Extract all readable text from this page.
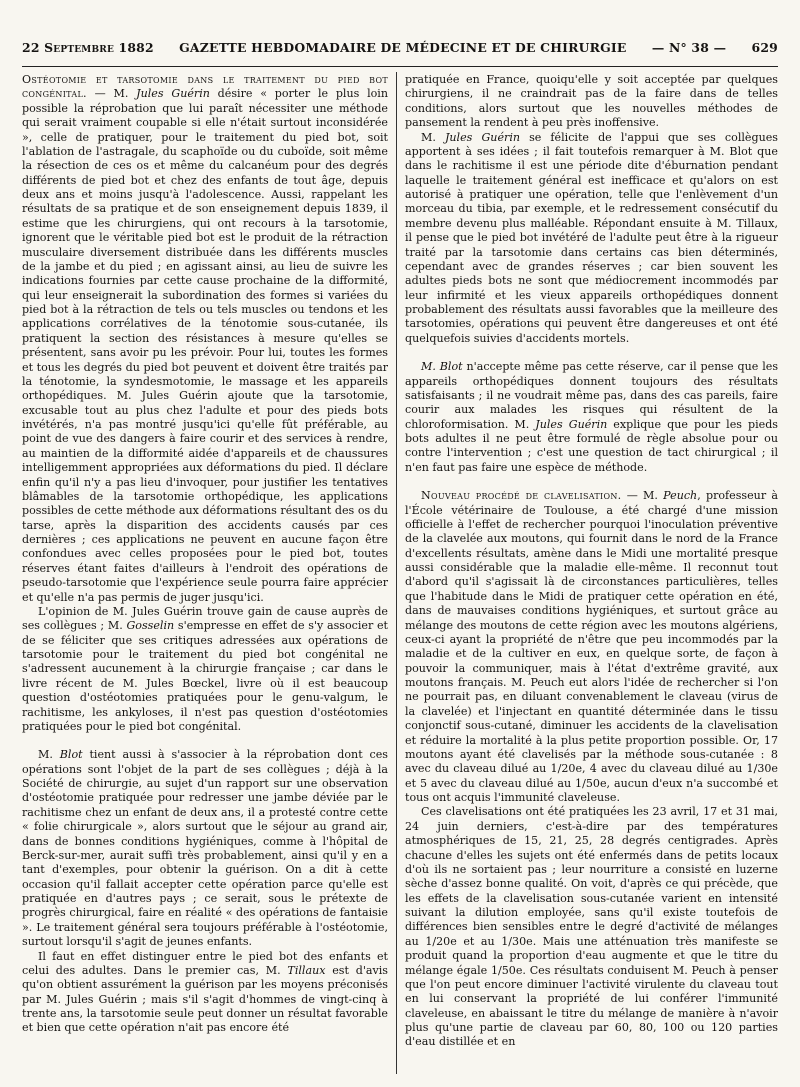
22 Septembre 1882 GAZETTE HEBDOMADAIRE DE MÉDECINE ET DE CHIRURGIE — N° 38 — 629

Ostéotomie et tarsotomie dans le traitement du pied bot congénital. — M. Jules Guérin désire « porter le plus loin possible la réprobation que lui paraît nécessiter une méthode qui serait vraiment coupable si elle n'était surtout inconsidérée », celle de pratiquer, pour le traitement du pied bot, soit l'ablation de l'astragale, du scaphoïde ou du cuboïde, soit même la résection de ces os et même du calcanéum pour des degrés différents de pied bot et chez des enfants de tout âge, depuis deux ans et moins jusqu'à l'adolescence. Aussi, rappelant les résultats de sa pratique et de son enseignement depuis 1839, il estime que les chirurgiens, qui ont recours à la tarsotomie, ignorent que le véritable pied bot est le produit de la rétraction musculaire diversement distribuée dans les différents muscles de la jambe et du pied ; en agissant ainsi, au lieu de suivre les indications fournies par cette cause prochaine de la difformité, qui leur enseignerait la subordination des formes si variées du pied bot à la rétraction de tels ou tels muscles ou tendons et les applications corrélatives de la ténotomie sous-cutanée, ils pratiquent la section des résistances à mesure qu'elles se présentent, sans avoir pu les prévoir. Pour lui, toutes les formes et tous les degrés du pied bot peuvent et doivent être traités par la ténotomie, la syndesmotomie, le massage et les appareils orthopédiques. M. Jules Guérin ajoute que la tarsotomie, excusable tout au plus chez l'adulte et pour des pieds bots invétérés, n'a pas montré jusqu'ici qu'elle fût préférable, au point de vue des dangers à faire courir et des services à rendre, au maintien de la difformité aidée d'appareils et de chaussures intelligemment appropriées aux déformations du pied. Il déclare enfin qu'il n'y a pas lieu d'invoquer, pour justifier les tentatives blâmables de la tarsotomie orthopédique, les applications possibles de cette méthode aux déformations résultant des os du tarse, après la disparition des accidents causés par ces dernières ; ces applications ne peuvent en aucune façon être confondues avec celles proposées pour le pied bot, toutes réserves étant faites d'ailleurs à l'endroit des opérations de pseudo-tarsotomie que l'expérience seule pourra faire apprécier et qu'elle n'a pas permis de juger jusqu'ici.

L'opinion de M. Jules Guérin trouve gain de cause auprès de ses collègues ; M. Gosselin s'empresse en effet de s'y associer et de se féliciter que ses critiques adressées aux opérations de tarsotomie pour le traitement du pied bot congénital ne s'adressent aucunement à la chirurgie française ; car dans le livre récent de M. Jules Bœckel, livre où il est beaucoup question d'ostéotomies pratiquées pour le genu-valgum, le rachitisme, les ankyloses, il n'est pas question d'ostéotomies pratiquées pour le pied bot congénital.

M. Blot tient aussi à s'associer à la réprobation dont ces opérations sont l'objet de la part de ses collègues ; déjà à la Société de chirurgie, au sujet d'un rapport sur une observation d'ostéotomie pratiquée pour redresser une jambe déviée par le rachitisme chez un enfant de deux ans, il a protesté contre cette « folie chirurgicale », alors surtout que le séjour au grand air, dans de bonnes conditions hygiéniques, comme à l'hôpital de Berck-sur-mer, aurait suffi très probablement, ainsi qu'il y en a tant d'exemples, pour obtenir la guérison. On a dit à cette occasion qu'il fallait accepter cette opération parce qu'elle est pratiquée en d'autres pays ; ce serait, sous le prétexte de progrès chirurgical, faire en réalité « des opérations de fantaisie ». Le traitement général sera toujours préférable à l'ostéotomie, surtout lorsqu'il s'agit de jeunes enfants.

Il faut en effet distinguer entre le pied bot des enfants et celui des adultes. Dans le premier cas, M. Tillaux est d'avis qu'on obtient assurément la guérison par les moyens préconisés par M. Jules Guérin ; mais s'il s'agit d'hommes de vingt-cinq à trente ans, la tarsotomie seule peut donner un résultat favorable et bien que cette opération n'ait pas encore été

pratiquée en France, quoiqu'elle y soit acceptée par quelques chirurgiens, il ne craindrait pas de la faire dans de telles conditions, alors surtout que les nouvelles méthodes de pansement la rendent à peu près inoffensive.

M. Jules Guérin se félicite de l'appui que ses collègues apportent à ses idées ; il fait toutefois remarquer à M. Blot que dans le rachitisme il est une période dite d'éburnation pendant laquelle le traitement général est inefficace et qu'alors on est autorisé à pratiquer une opération, telle que l'enlèvement d'un morceau du tibia, par exemple, et le redressement consécutif du membre devenu plus malléable. Répondant ensuite à M. Tillaux, il pense que le pied bot invétéré de l'adulte peut être à la rigueur traité par la tarsotomie dans certains cas bien déterminés, cependant avec de grandes réserves ; car bien souvent les adultes pieds bots ne sont que médiocrement incommodés par leur infirmité et les vieux appareils orthopédiques donnent probablement des résultats aussi favorables que la meilleure des tarsotomies, opérations qui peuvent être dangereuses et ont été quelquefois suivies d'accidents mortels.

M. Blot n'accepte même pas cette réserve, car il pense que les appareils orthopédiques donnent toujours des résultats satisfaisants ; il ne voudrait même pas, dans des cas pareils, faire courir aux malades les risques qui résultent de la chloroformisation. M. Jules Guérin explique que pour les pieds bots adultes il ne peut être formulé de règle absolue pour ou contre l'intervention ; c'est une question de tact chirurgical ; il n'en faut pas faire une espèce de méthode.

Nouveau procédé de clavelisation. — M. Peuch, professeur à l'École vétérinaire de Toulouse, a été chargé d'une mission officielle à l'effet de rechercher pourquoi l'inoculation préventive de la clavelée aux moutons, qui fournit dans le nord de la France d'excellents résultats, amène dans le Midi une mortalité presque aussi considérable que la maladie elle-même. Il reconnut tout d'abord qu'il s'agissait là de circonstances particulières, telles que l'habitude dans le Midi de pratiquer cette opération en été, dans de mauvaises conditions hygiéniques, et surtout grâce au mélange des moutons de cette région avec les moutons algériens, ceux-ci ayant la propriété de n'être que peu incommodés par la maladie et de la cultiver en eux, en quelque sorte, de façon à pouvoir la communiquer, mais à l'état d'extrême gravité, aux moutons français. M. Peuch eut alors l'idée de rechercher si l'on ne pourrait pas, en diluant convenablement le claveau (virus de la clavelée) et l'injectant en quantité déterminée dans le tissu conjonctif sous-cutané, diminuer les accidents de la clavelisation et réduire la mortalité à la plus petite proportion possible. Or, 17 moutons ayant été clavelisés par la méthode sous-cutanée : 8 avec du claveau dilué au 1/20e, 4 avec du claveau dilué au 1/30e et 5 avec du claveau dilué au 1/50e, aucun d'eux n'a succombé et tous ont acquis l'immunité claveleuse.

Ces clavelisations ont été pratiquées les 23 avril, 17 et 31 mai, 24 juin derniers, c'est-à-dire par des températures atmosphériques de 15, 21, 25, 28 degrés centigrades. Après chacune d'elles les sujets ont été enfermés dans de petits locaux d'où ils ne sortaient pas ; leur nourriture a consisté en luzerne sèche d'assez bonne qualité. On voit, d'après ce qui précède, que les effets de la clavelisation sous-cutanée varient en intensité suivant la dilution employée, sans qu'il existe toutefois de différences bien sensibles entre le degré d'activité de mélanges au 1/20e et au 1/30e. Mais une atténuation très manifeste se produit quand la proportion d'eau augmente et que le titre du mélange égale 1/50e. Ces résultats conduisent M. Peuch à penser que l'on peut encore diminuer l'activité virulente du claveau tout en lui conservant la propriété de lui conférer l'immunité claveleuse, en abaissant le titre du mélange de manière à n'avoir plus qu'une partie de claveau par 60, 80, 100 ou 120 parties d'eau distillée et en
